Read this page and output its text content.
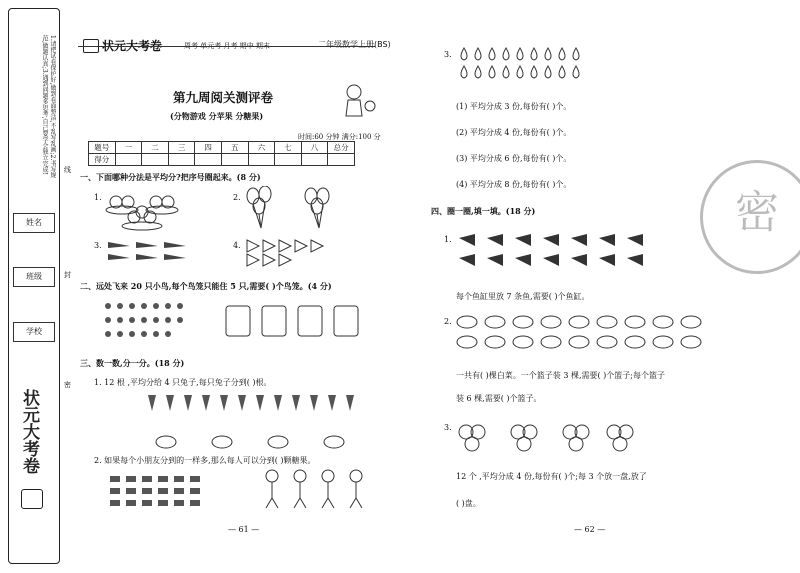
1.请把试卷保护好,做到卷面整洁,不乱写乱画;2.书写规范,做题认真;3.遇到问题多思考,自己要学会独立完成!
姓名
班级
学校
状元大考卷
线
封
密
状元大考卷	周考 单元考 月考 期中 期末	二年级数学上册(BS)
第九周阅关测评卷
(分物游戏 分苹果 分糖果)
时间:60 分钟 满分:100 分
题号	一	二	三	四	五	六	七	八	总分
得分									
一、下面哪种分法是平均分?把序号圈起来。(8 分)
1.	2.
3.	4.
二、远处飞来 20 只小鸟,每个鸟笼只能住 5 只,需要( )个鸟笼。(4 分)
三、数一数,分一分。(18 分)
1. 12 根 ,平均分给 4 只兔子,每只兔子分到( )根。
2. 如果每个小朋友分到的一样多,那么每人可以分到( )颗糖果。
— 61 —
3.
(1) 平均分成 3 份,每份有( )个。
(2) 平均分成 4 份,每份有( )个。
(3) 平均分成 6 份,每份有( )个。
(4) 平均分成 8 份,每份有( )个。
四、圈一圈,填一填。(18 分)
1.
每个鱼缸里放 7 条鱼,需要( )个鱼缸。
2.
一共有( )棵白菜。一个篮子装 3 棵,需要( )个篮子;每个篮子
装 6 棵,需要( )个篮子。
3.
12 个 ,平均分成 4 份,每份有( )个;每 3 个放一盘,放了
( )盘。
密
— 62 —
